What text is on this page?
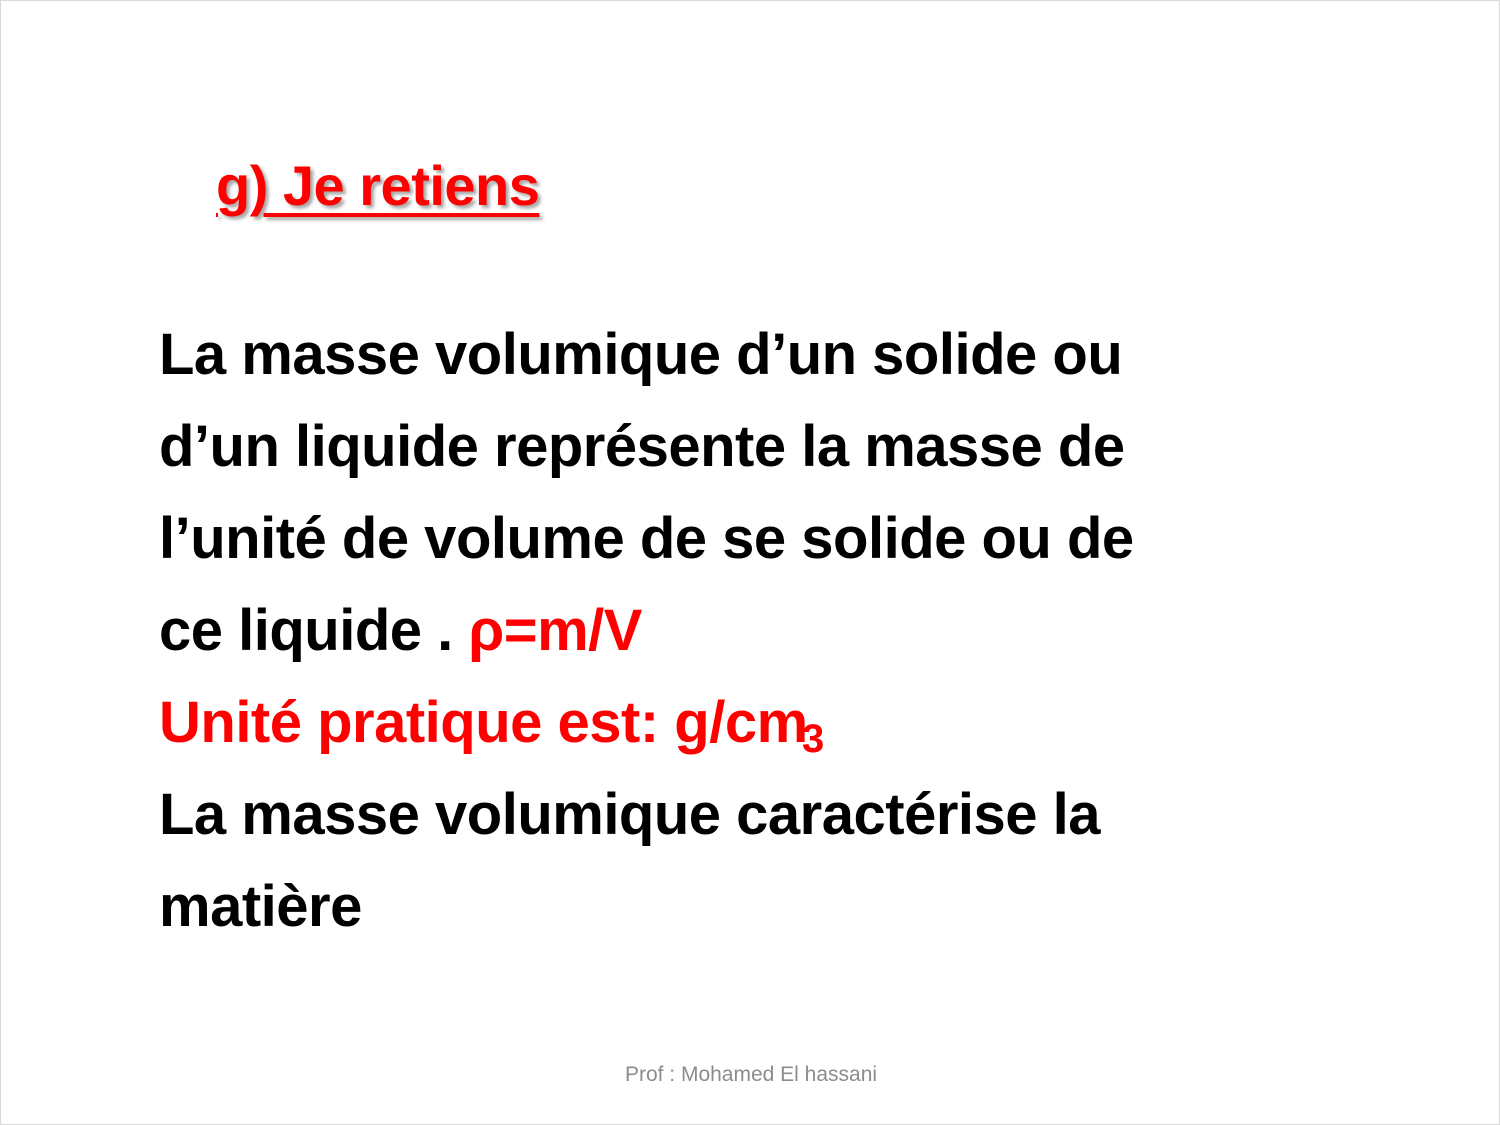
g) Je retiens
La masse volumique d’un solide ou
d’un liquide représente la masse de
l’unité de volume de se solide ou de
ce liquide . ρ=m/V
Unité pratique est: g/cm
3
La masse volumique caractérise la
matière
Prof : Mohamed El hassani
